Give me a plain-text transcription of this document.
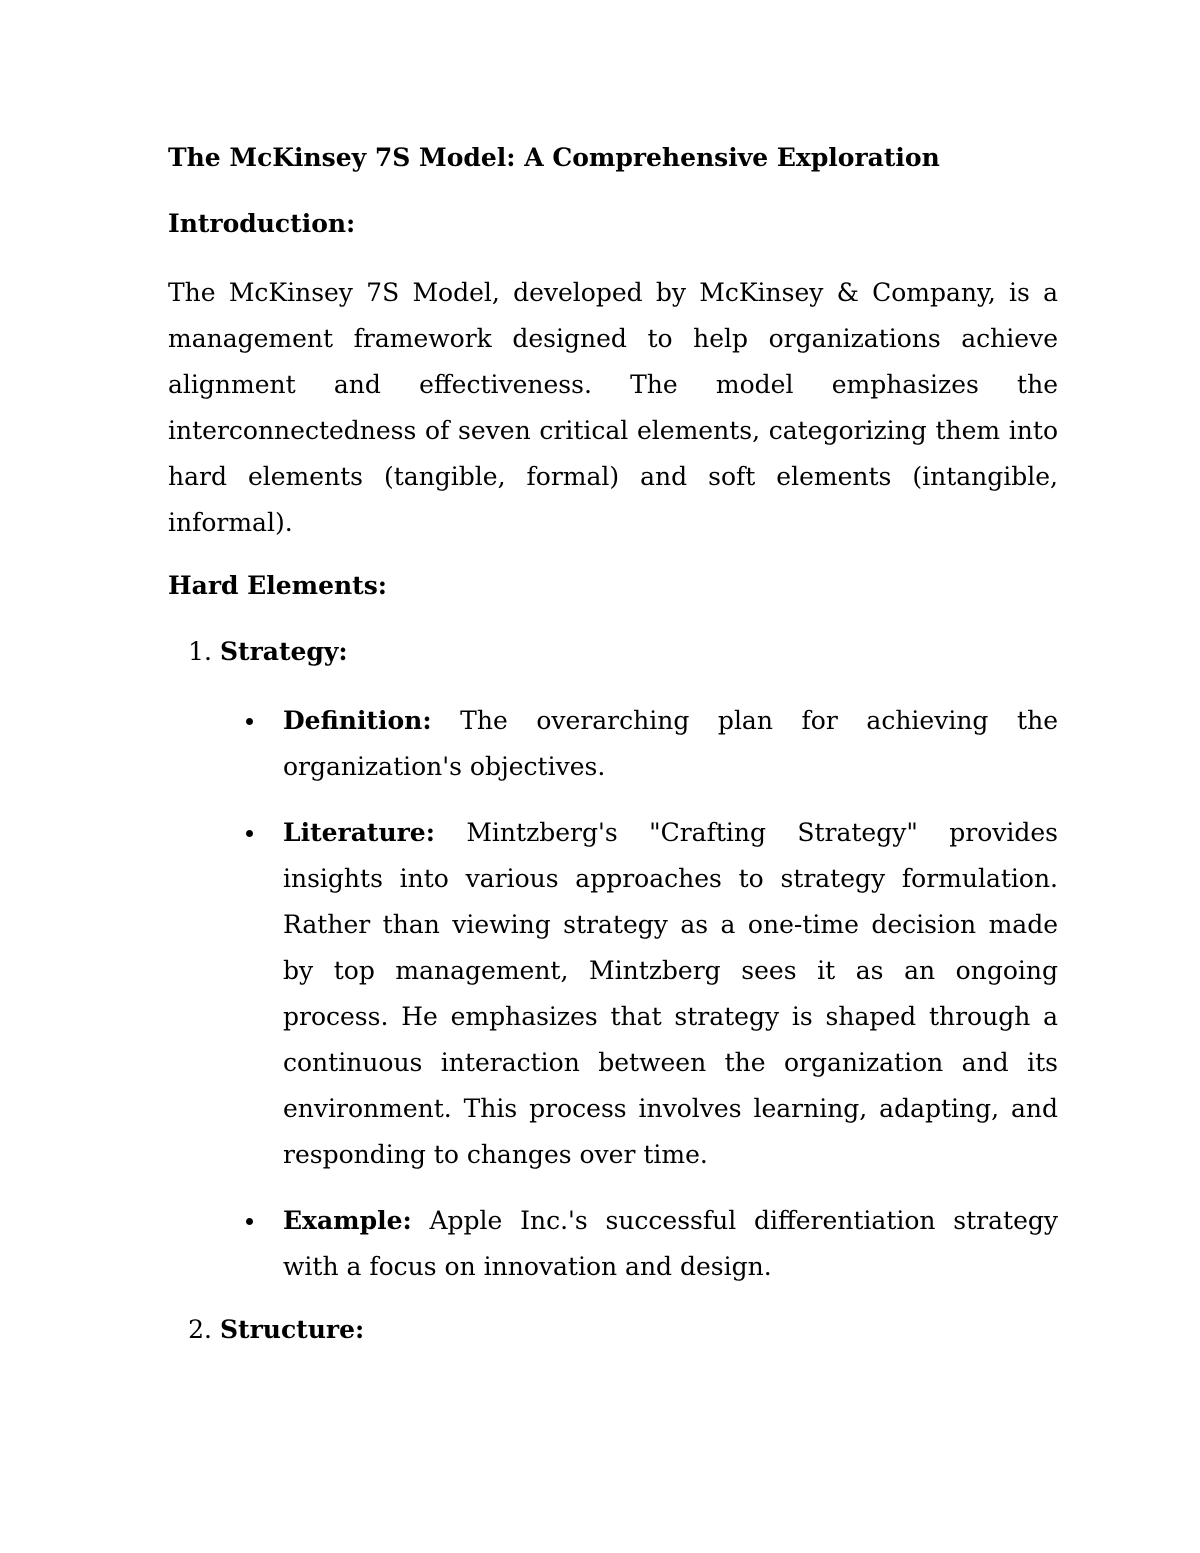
The McKinsey 7S Model: A Comprehensive Exploration
Introduction:

The McKinsey 7S Model, developed by McKinsey & Company, is a management framework designed to help organizations achieve alignment and effectiveness. The model emphasizes the interconnectedness of seven critical elements, categorizing them into hard elements (tangible, formal) and soft elements (intangible, informal).

Hard Elements:
1. Strategy:
Definition: The overarching plan for achieving the organization's objectives.
Literature: Mintzberg's "Crafting Strategy" provides insights into various approaches to strategy formulation. Rather than viewing strategy as a one-time decision made by top management, Mintzberg sees it as an ongoing process. He emphasizes that strategy is shaped through a continuous interaction between the organization and its environment. This process involves learning, adapting, and responding to changes over time.
Example: Apple Inc.'s successful differentiation strategy with a focus on innovation and design.
2. Structure:
